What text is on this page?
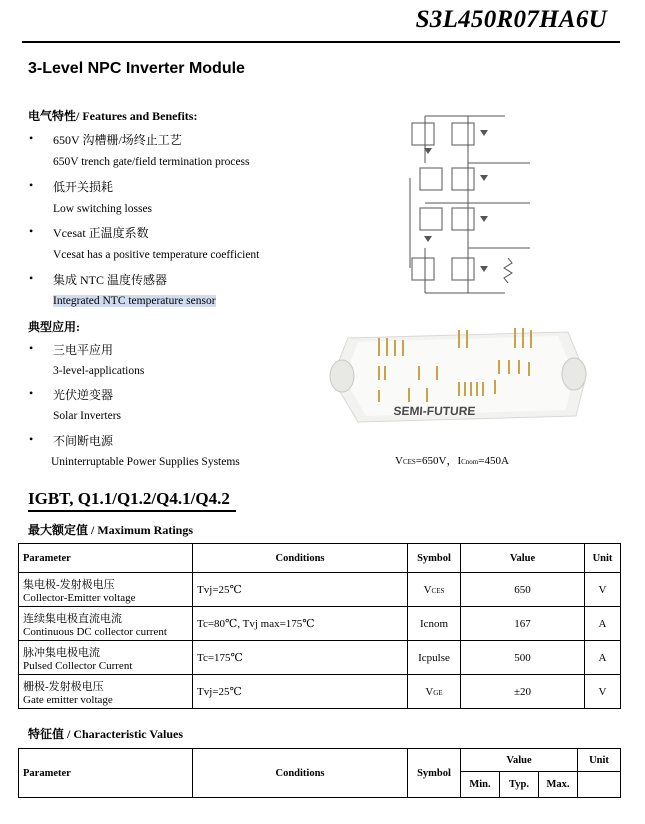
S3L450R07HA6U
3-Level NPC Inverter Module
电气特性/ Features and Benefits:
• 650V 沟槽栅/场终止工艺
650V trench gate/field termination process
• 低开关损耗
Low switching losses
• Vcesat 正温度系数
Vcesat has a positive temperature coefficient
• 集成 NTC 温度传感器
Integrated NTC temperature sensor
典型应用:
• 三电平应用
3-level-applications
• 光伏逆变器
Solar Inverters
• 不间断电源
Uninterruptable Power Supplies Systems
SEMI-FUTURE
VCES=650V，ICnom=450A
IGBT, Q1.1/Q1.2/Q4.1/Q4.2
最大额定值 / Maximum Ratings
Parameter	Conditions	Symbol	Value	Unit

集电极-发射极电压
Collector-Emitter voltage	Tvj=25℃	VCES	650	V

连续集电极直流电流
Continuous DC collector current	Tc=80℃, Tvj max=175℃	Icnom	167	A

脉冲集电极电流
Pulsed Collector Current	Tc=175℃	Icpulse	500	A

栅极-发射极电压
Gate emitter voltage	Tvj=25℃	VGE	±20	V
特征值 / Characteristic Values
Parameter	Conditions	Symbol	Value			Unit
			Min.	Typ.	Max.	
